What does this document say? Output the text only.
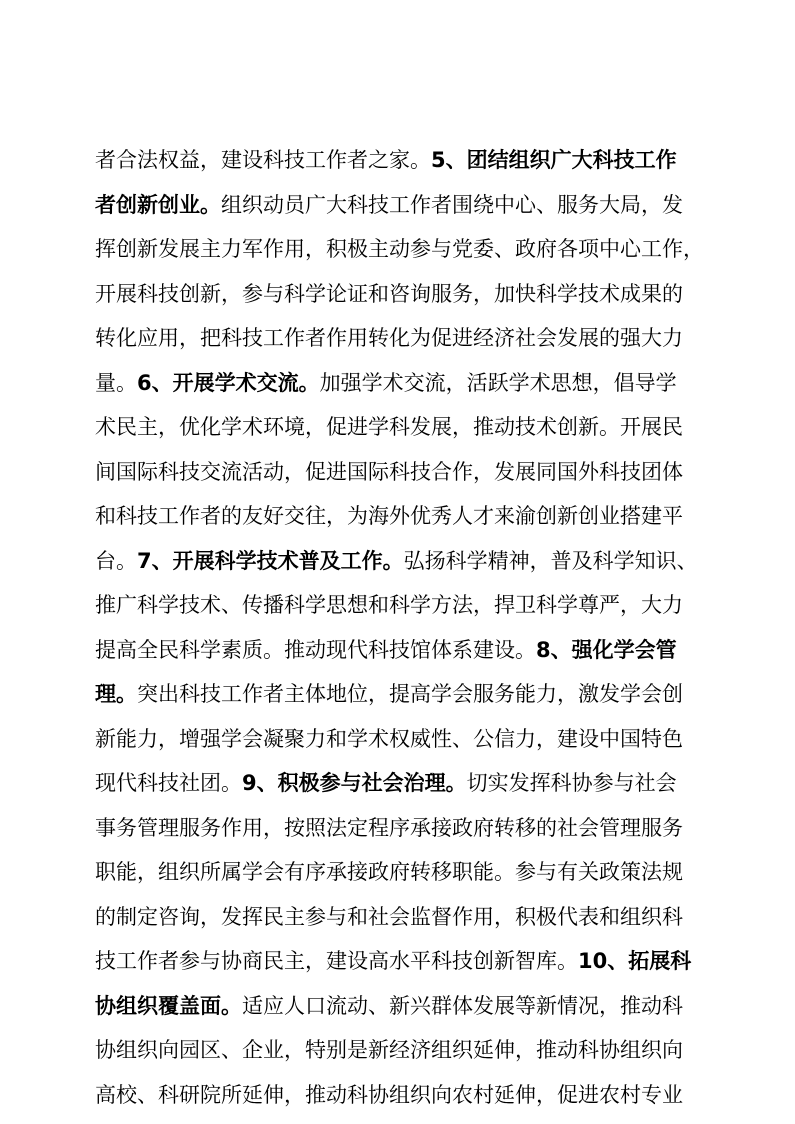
者合法权益，建设科技工作者之家。5、团结组织广大科技工作
者创新创业。组织动员广大科技工作者围绕中心、服务大局，发
挥创新发展主力军作用，积极主动参与党委、政府各项中心工作，
开展科技创新，参与科学论证和咨询服务，加快科学技术成果的
转化应用，把科技工作者作用转化为促进经济社会发展的强大力
量。6、开展学术交流。加强学术交流，活跃学术思想，倡导学
术民主，优化学术环境，促进学科发展，推动技术创新。开展民
间国际科技交流活动，促进国际科技合作，发展同国外科技团体
和科技工作者的友好交往，为海外优秀人才来渝创新创业搭建平
台。7、开展科学技术普及工作。弘扬科学精神，普及科学知识、
推广科学技术、传播科学思想和科学方法，捍卫科学尊严，大力
提高全民科学素质。推动现代科技馆体系建设。8、强化学会管
理。突出科技工作者主体地位，提高学会服务能力，激发学会创
新能力，增强学会凝聚力和学术权威性、公信力，建设中国特色
现代科技社团。9、积极参与社会治理。切实发挥科协参与社会
事务管理服务作用，按照法定程序承接政府转移的社会管理服务
职能，组织所属学会有序承接政府转移职能。参与有关政策法规
的制定咨询，发挥民主参与和社会监督作用，积极代表和组织科
技工作者参与协商民主，建设高水平科技创新智库。10、拓展科
协组织覆盖面。适应人口流动、新兴群体发展等新情况，推动科
协组织向园区、企业，特别是新经济组织延伸，推动科协组织向
高校、科研院所延伸，推动科协组织向农村延伸，促进农村专业
